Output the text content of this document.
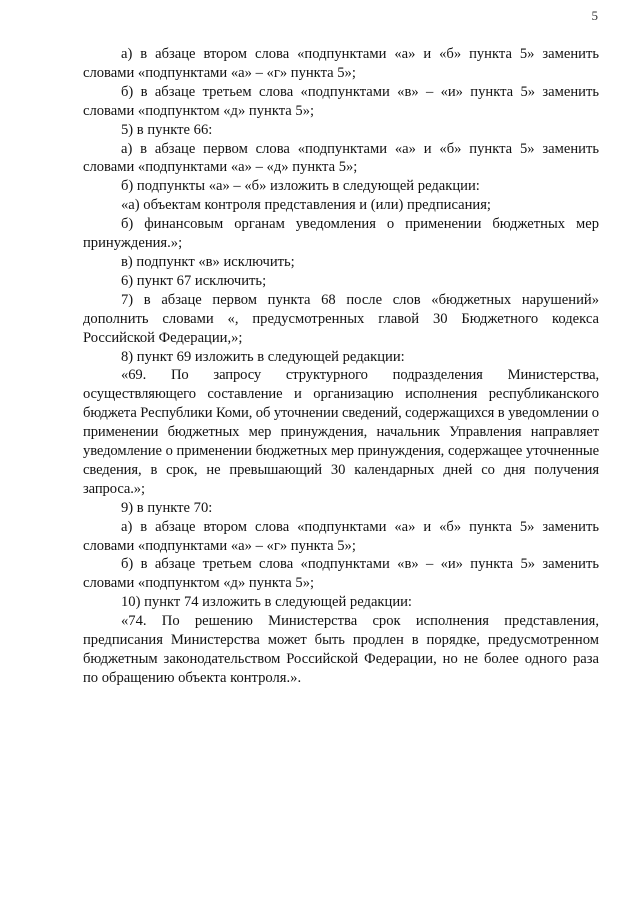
5

а) в абзаце втором слова «подпунктами «а» и «б» пункта 5» заменить словами «подпунктами «а» – «г» пункта 5»;

б) в абзаце третьем слова «подпунктами «в» – «и» пункта 5» заменить словами «подпунктом «д» пункта 5»;

5) в пункте 66:

а) в абзаце первом слова «подпунктами «а» и «б» пункта 5» заменить словами «подпунктами «а» – «д» пункта 5»;

б) подпункты «а» – «б» изложить в следующей редакции:

«а) объектам контроля представления и (или) предписания;

б) финансовым органам уведомления о применении бюджетных мер принуждения.»;

в) подпункт «в» исключить;

6) пункт 67 исключить;

7) в абзаце первом пункта 68 после слов «бюджетных нарушений» дополнить словами «, предусмотренных главой 30 Бюджетного кодекса Российской Федерации,»;

8) пункт 69 изложить в следующей редакции:

«69. По запросу структурного подразделения Министерства, осуществляющего составление и организацию исполнения республиканского бюджета Республики Коми, об уточнении сведений, содержащихся в уведомлении о применении бюджетных мер принуждения, начальник Управления направляет уведомление о применении бюджетных мер принуждения, содержащее уточненные сведения, в срок, не превышающий 30 календарных дней со дня получения запроса.»;

9) в пункте 70:

а) в абзаце втором слова «подпунктами «а» и «б» пункта 5» заменить словами «подпунктами «а» – «г» пункта 5»;

б) в абзаце третьем слова «подпунктами «в» – «и» пункта 5» заменить словами «подпунктом «д» пункта 5»;

10) пункт 74 изложить в следующей редакции:

«74. По решению Министерства срок исполнения представления, предписания Министерства может быть продлен в порядке, предусмотренном бюджетным законодательством Российской Федерации, но не более одного раза по обращению объекта контроля.».
